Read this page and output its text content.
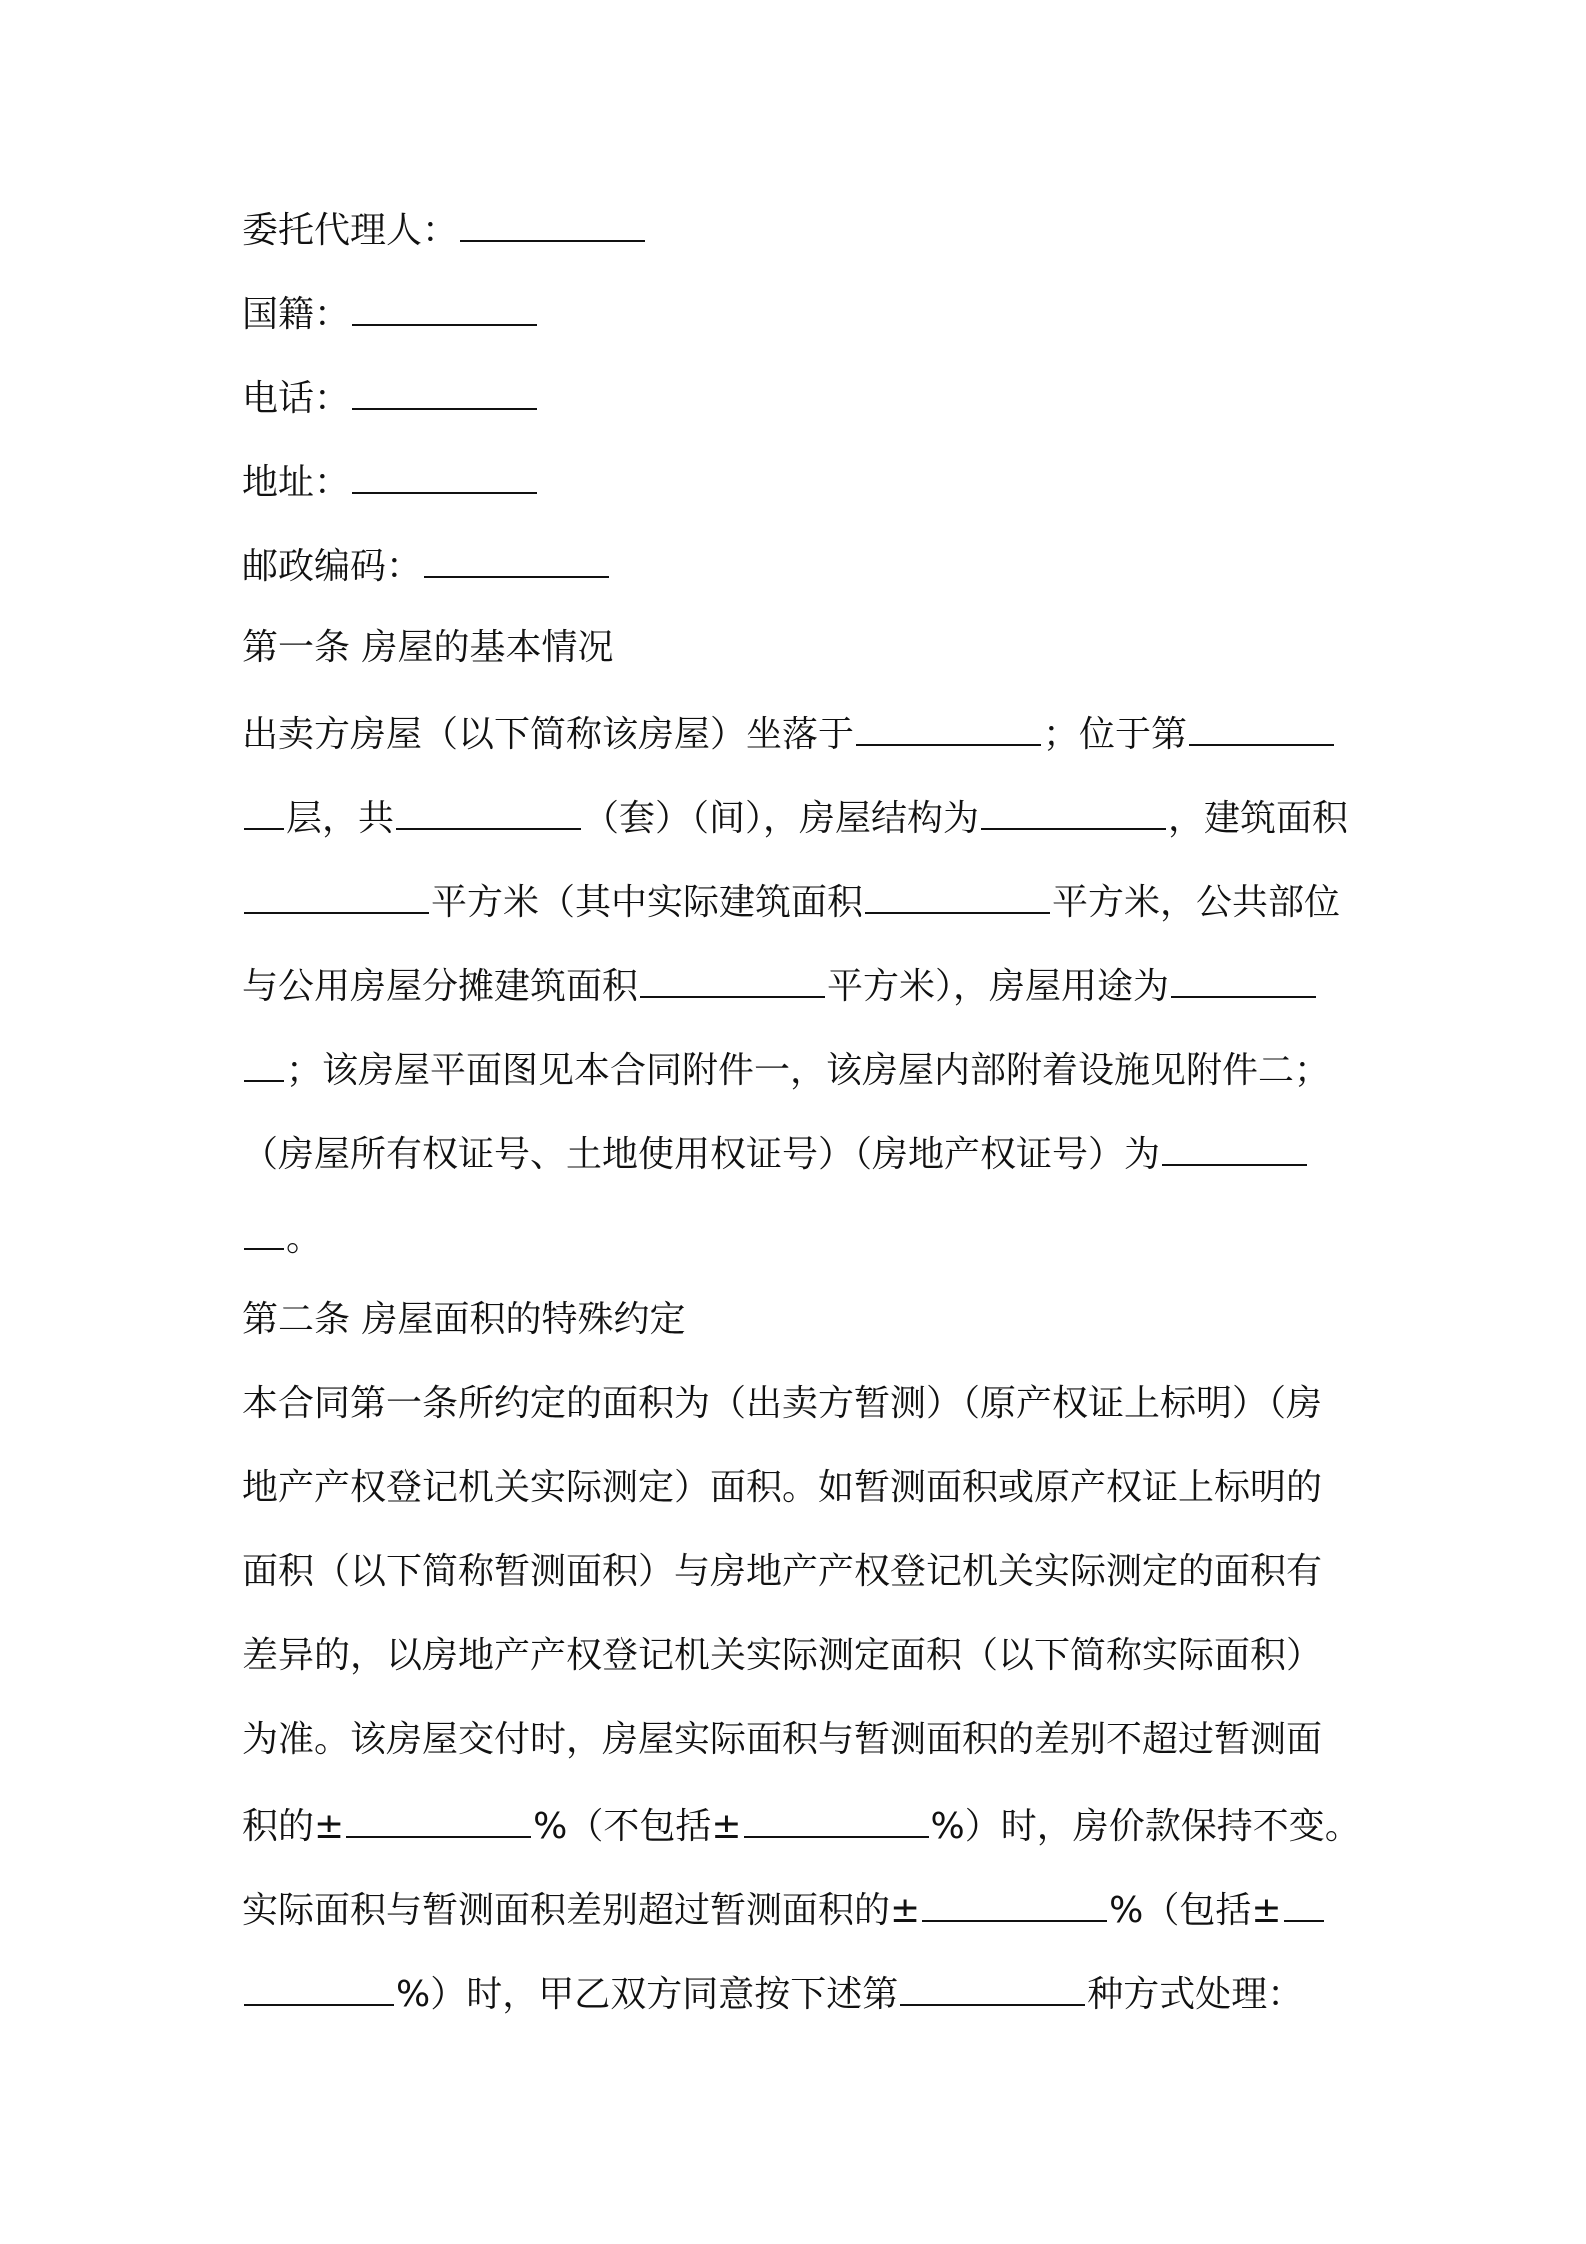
委托代理人：
国籍：
电话：
地址：
邮政编码：
第一条 房屋的基本情况
出卖方房屋（以下简称该房屋）坐落于	；位于第
层，共	（套）（间），房屋结构为	，建筑面积
平方米（其中实际建筑面积	平方米，公共部位
与公用房屋分摊建筑面积	平方米），房屋用途为
；该房屋平面图见本合同附件一，该房屋内部附着设施见附件二；
（房屋所有权证号、土地使用权证号）（房地产权证号）为
。
第二条 房屋面积的特殊约定
本合同第一条所约定的面积为（出卖方暂测）（原产权证上标明）（房
地产产权登记机关实际测定）面积。如暂测面积或原产权证上标明的
面积（以下简称暂测面积）与房地产产权登记机关实际测定的面积有
差异的，以房地产产权登记机关实际测定面积（以下简称实际面积）
为准。该房屋交付时，房屋实际面积与暂测面积的差别不超过暂测面
积的±	%（不包括±	%）时，房价款保持不变。
实际面积与暂测面积差别超过暂测面积的±	%（包括±
%）时，甲乙双方同意按下述第	种方式处理：
